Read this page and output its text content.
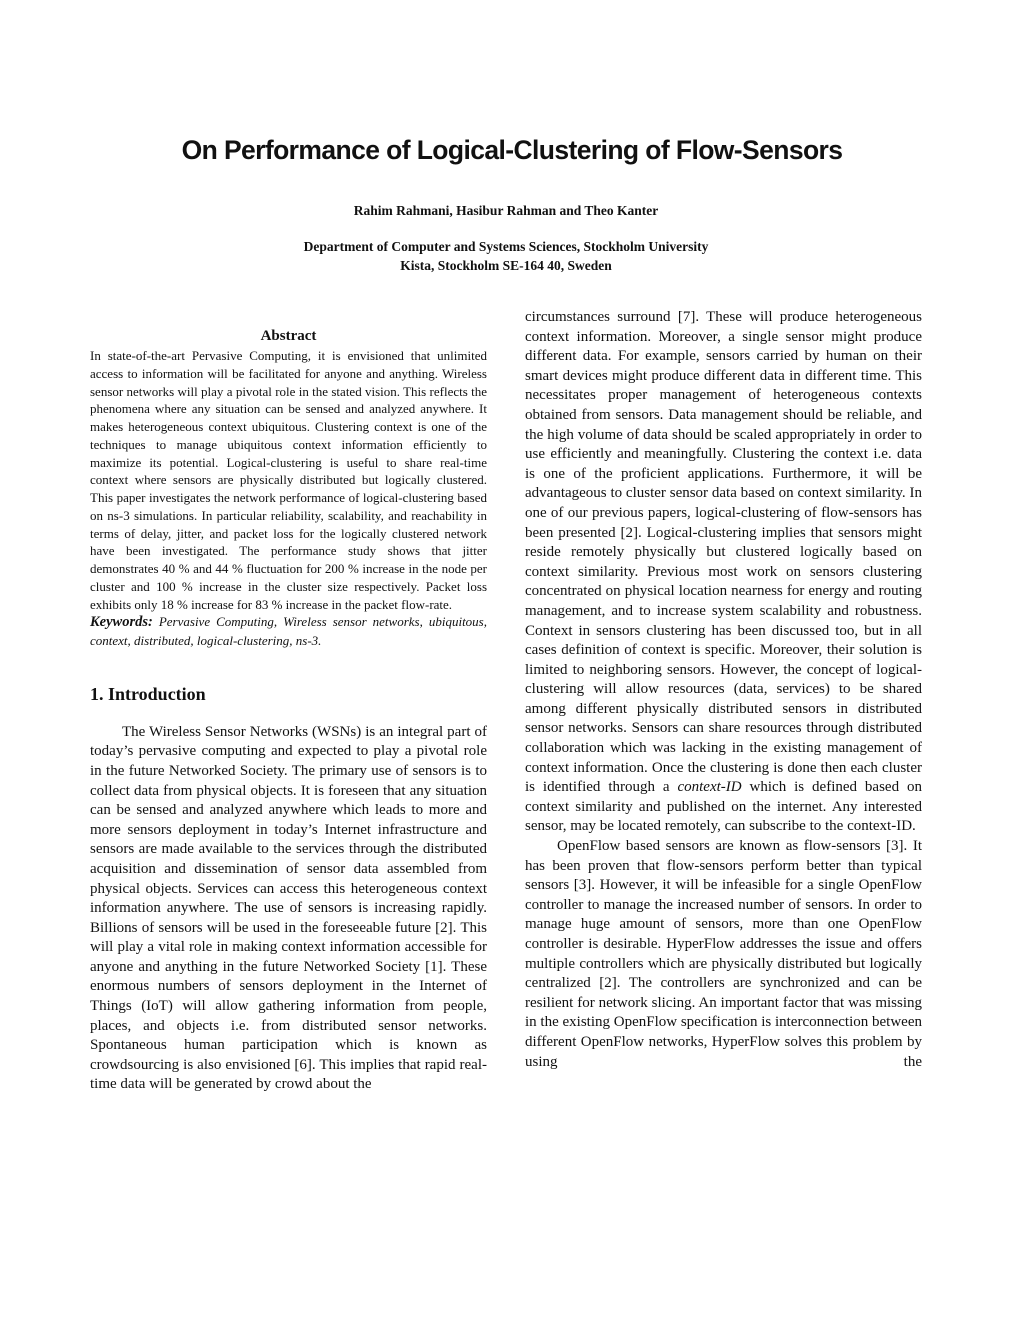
On Performance of Logical-Clustering of Flow-Sensors
Rahim Rahmani, Hasibur Rahman and Theo Kanter
Department of Computer and Systems Sciences, Stockholm University
Kista, Stockholm SE-164 40, Sweden
Abstract

In state-of-the-art Pervasive Computing, it is envisioned that unlimited access to information will be facilitated for anyone and anything. Wireless sensor networks will play a pivotal role in the stated vision. This reflects the phenomena where any situation can be sensed and analyzed anywhere. It makes heterogeneous context ubiquitous. Clustering context is one of the techniques to manage ubiquitous context information efficiently to maximize its potential. Logical-clustering is useful to share real-time context where sensors are physically distributed but logically clustered. This paper investigates the network performance of logical-clustering based on ns-3 simulations. In particular reliability, scalability, and reachability in terms of delay, jitter, and packet loss for the logically clustered network have been investigated. The performance study shows that jitter demonstrates 40 % and 44 % fluctuation for 200 % increase in the node per cluster and 100 % increase in the cluster size respectively. Packet loss exhibits only 18 % increase for 83 % increase in the packet flow-rate.

Keywords: Pervasive Computing, Wireless sensor networks, ubiquitous, context, distributed, logical-clustering, ns-3.

1. Introduction

The Wireless Sensor Networks (WSNs) is an integral part of today’s pervasive computing and expected to play a pivotal role in the future Networked Society. The primary use of sensors is to collect data from physical objects. It is foreseen that any situation can be sensed and analyzed anywhere which leads to more and more sensors deployment in today’s Internet infrastructure and sensors are made available to the services through the distributed acquisition and dissemination of sensor data assembled from physical objects. Services can access this heterogeneous context information anywhere. The use of sensors is increasing rapidly. Billions of sensors will be used in the foreseeable future [2]. This will play a vital role in making context information accessible for anyone and anything in the future Networked Society [1]. These enormous numbers of sensors deployment in the Internet of Things (IoT) will allow gathering information from people, places, and objects i.e. from distributed sensor networks. Spontaneous human participation which is known as crowdsourcing is also envisioned [6]. This implies that rapid real-time data will be generated by crowd about the

circumstances surround [7]. These will produce heterogeneous context information. Moreover, a single sensor might produce different data. For example, sensors carried by human on their smart devices might produce different data in different time. This necessitates proper management of heterogeneous contexts obtained from sensors. Data management should be reliable, and the high volume of data should be scaled appropriately in order to use efficiently and meaningfully. Clustering the context i.e. data is one of the proficient applications. Furthermore, it will be advantageous to cluster sensor data based on context similarity. In one of our previous papers, logical-clustering of flow-sensors has been presented [2]. Logical-clustering implies that sensors might reside remotely physically but clustered logically based on context similarity. Previous most work on sensors clustering concentrated on physical location nearness for energy and routing management, and to increase system scalability and robustness. Context in sensors clustering has been discussed too, but in all cases definition of context is specific. Moreover, their solution is limited to neighboring sensors. However, the concept of logical-clustering will allow resources (data, services) to be shared among different physically distributed sensors in distributed sensor networks. Sensors can share resources through distributed collaboration which was lacking in the existing management of context information. Once the clustering is done then each cluster is identified through a context-ID which is defined based on context similarity and published on the internet. Any interested sensor, may be located remotely, can subscribe to the context-ID.

OpenFlow based sensors are known as flow-sensors [3]. It has been proven that flow-sensors perform better than typical sensors [3]. However, it will be infeasible for a single OpenFlow controller to manage the increased number of sensors. In order to manage huge amount of sensors, more than one OpenFlow controller is desirable. HyperFlow addresses the issue and offers multiple controllers which are physically distributed but logically centralized [2]. The controllers are synchronized and can be resilient for network slicing. An important factor that was missing in the existing OpenFlow specification is interconnection between different OpenFlow networks, HyperFlow solves this problem by using the
